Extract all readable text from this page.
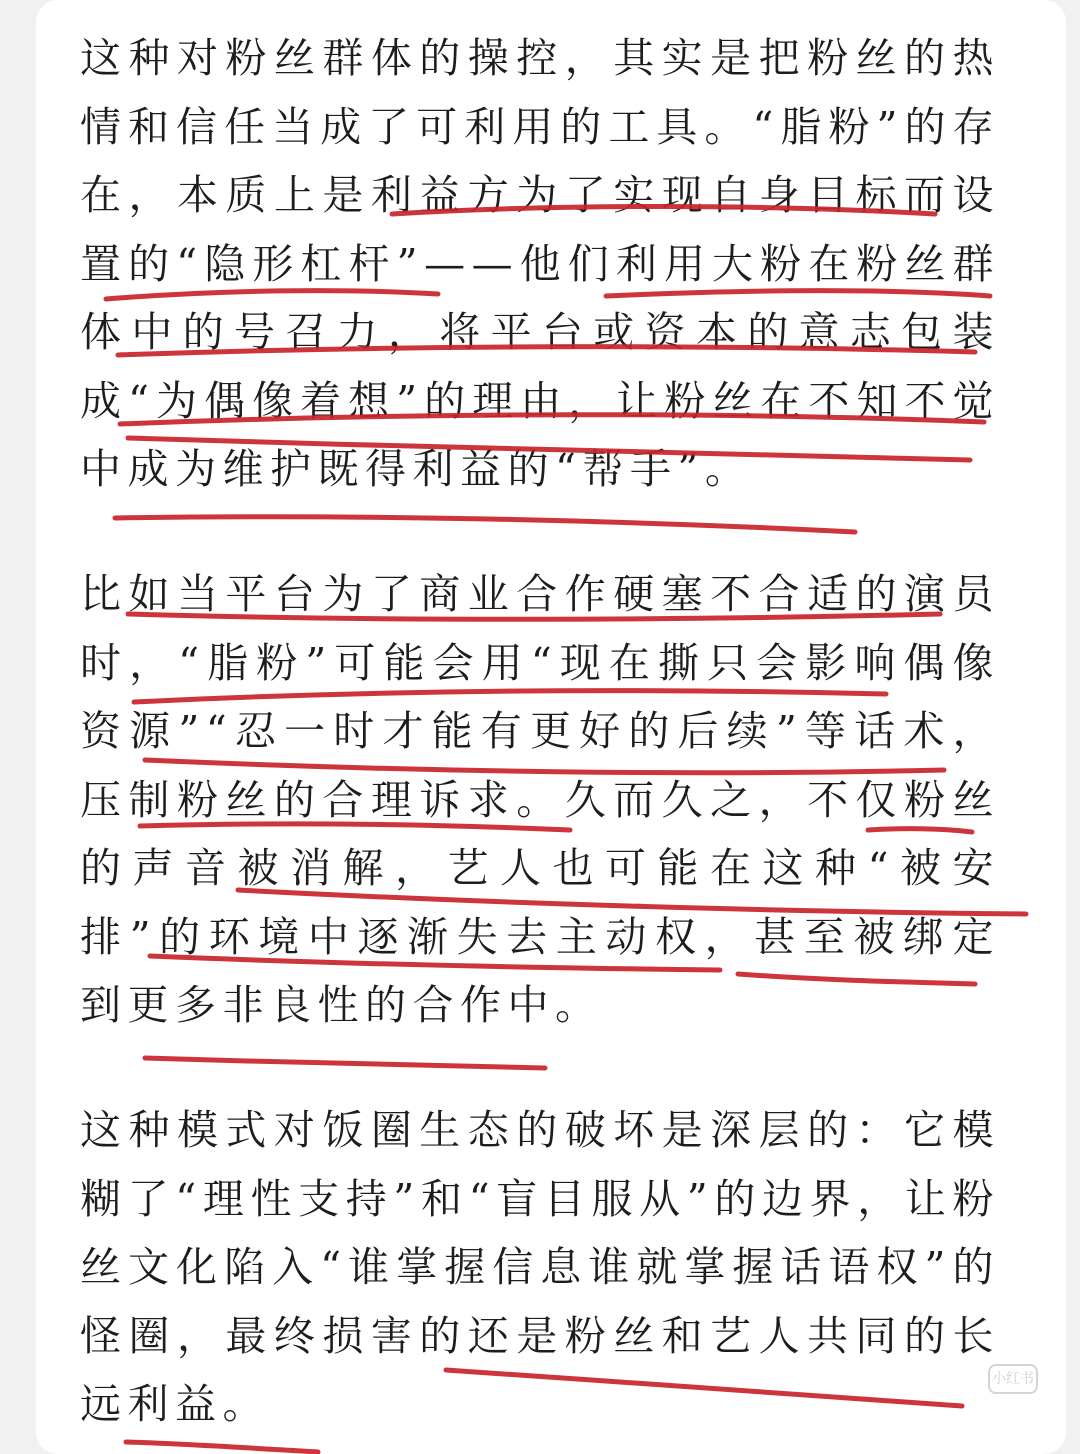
这种对粉丝群体的操控，其实是把粉丝的热情和信任当成了可利用的工具。“脂粉”的存在，本质上是利益方为了实现自身目标而设置的“隐形杠杆”——他们利用大粉在粉丝群体中的号召力，将平台或资本的意志包装成“为偶像着想”的理由，让粉丝在不知不觉中成为维护既得利益的“帮手”。

比如当平台为了商业合作硬塞不合适的演员时，“脂粉”可能会用“现在撕只会影响偶像资源”“忍一时才能有更好的后续”等话术，压制粉丝的合理诉求。久而久之，不仅粉丝的声音被消解，艺人也可能在这种“被安排”的环境中逐渐失去主动权，甚至被绑定到更多非良性的合作中。

这种模式对饭圈生态的破坏是深层的：它模糊了“理性支持”和“盲目服从”的边界，让粉丝文化陷入“谁掌握信息谁就掌握话语权”的怪圈，最终损害的还是粉丝和艺人共同的长远利益。

小红书
